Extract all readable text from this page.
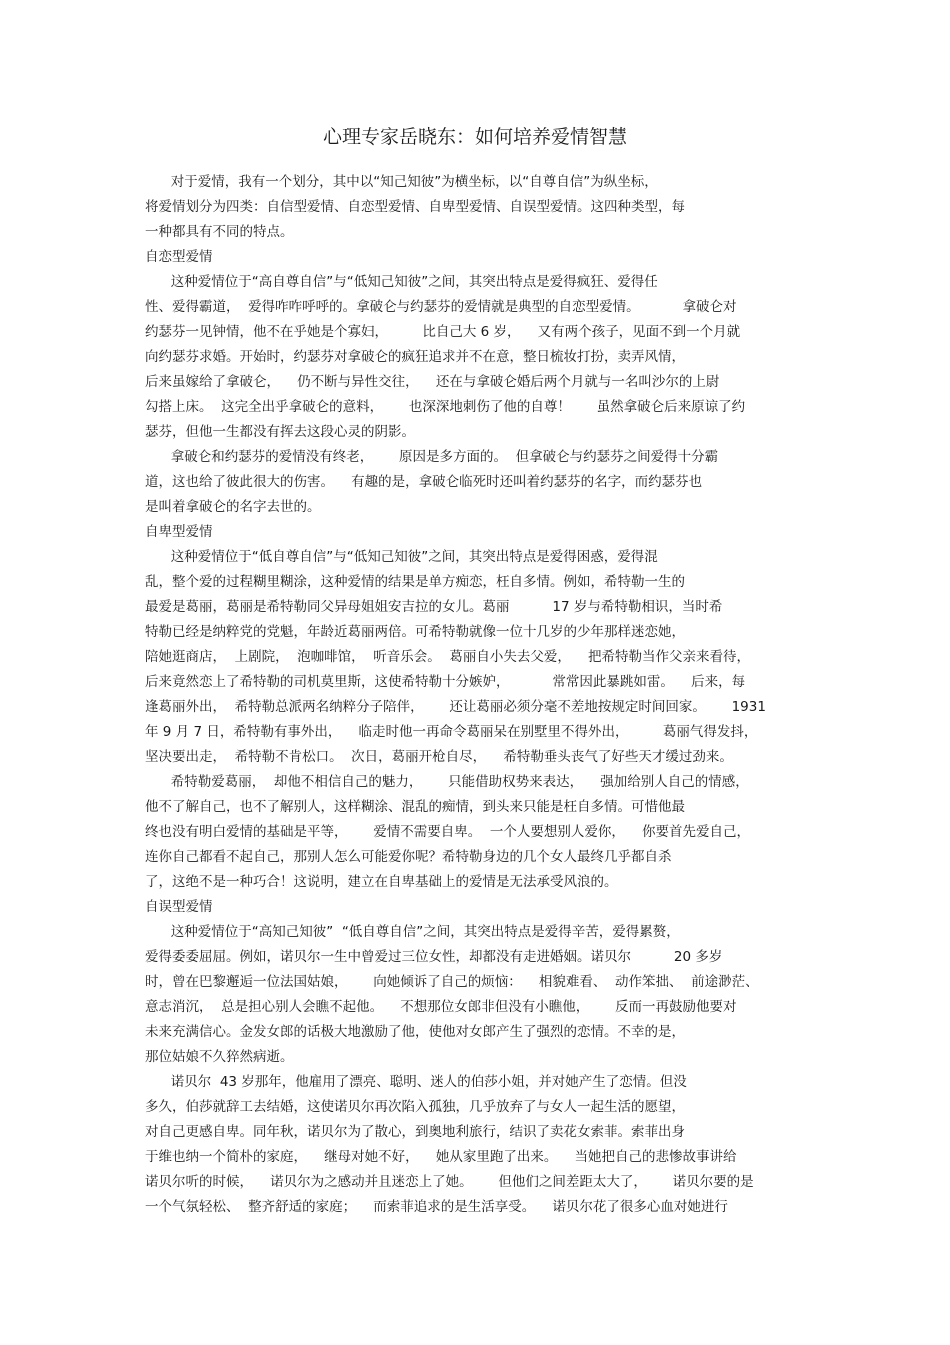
心理专家岳晓东：如何培养爱情智慧
对于爱情，我有一个划分，其中以“知己知彼”为横坐标，以“自尊自信”为纵坐标，
将爱情划分为四类：自信型爱情、自恋型爱情、自卑型爱情、自误型爱情。这四种类型，每
一种都具有不同的特点。
自恋型爱情
这种爱情位于“高自尊自信”与“低知己知彼”之间，其突出特点是爱得疯狂、爱得任
性、爱得霸道，  爱得咋咋呼呼的。拿破仑与约瑟芬的爱情就是典型的自恋型爱情。          拿破仑对
约瑟芬一见钟情，他不在乎她是个寡妇，        比自己大 6 岁，    又有两个孩子，见面不到一个月就
向约瑟芬求婚。开始时，约瑟芬对拿破仑的疯狂追求并不在意，整日梳妆打扮，卖弄风情，
后来虽嫁给了拿破仑，    仍不断与异性交往，    还在与拿破仑婚后两个月就与一名叫沙尔的上尉
勾搭上床。  这完全出乎拿破仑的意料，      也深深地刺伤了他的自尊！      虽然拿破仑后来原谅了约
瑟芬，但他一生都没有挥去这段心灵的阴影。
拿破仑和约瑟芬的爱情没有终老，      原因是多方面的。  但拿破仑与约瑟芬之间爱得十分霸
道，这也给了彼此很大的伤害。    有趣的是，拿破仑临死时还叫着约瑟芬的名字，而约瑟芬也
是叫着拿破仑的名字去世的。
自卑型爱情
这种爱情位于“低自尊自信”与“低知己知彼”之间，其突出特点是爱得困惑，爱得混
乱，整个爱的过程糊里糊涂，这种爱情的结果是单方痴恋，枉自多情。例如，希特勒一生的
最爱是葛丽，葛丽是希特勒同父异母姐姐安吉拉的女儿。葛丽          17 岁与希特勒相识，当时希
特勒已经是纳粹党的党魁，年龄近葛丽两倍。可希特勒就像一位十几岁的少年那样迷恋她，
陪她逛商店，  上剧院，  泡咖啡馆，  听音乐会。  葛丽自小失去父爱，    把希特勒当作父亲来看待，
后来竟然恋上了希特勒的司机莫里斯，这使希特勒十分嫉妒，          常常因此暴跳如雷。    后来，每
逢葛丽外出，  希特勒总派两名纳粹分子陪伴，      还让葛丽必须分毫不差地按规定时间回家。      1931
年 9 月 7 日，希特勒有事外出，    临走时他一再命令葛丽呆在别墅里不得外出，        葛丽气得发抖，
坚决要出走，  希特勒不肯松口。  次日，葛丽开枪自尽，    希特勒垂头丧气了好些天才缓过劲来。
希特勒爱葛丽，  却他不相信自己的魅力，      只能借助权势来表达，    强加给别人自己的情感，
他不了解自己，也不了解别人，这样糊涂、混乱的痴情，到头来只能是枉自多情。可惜他最
终也没有明白爱情的基础是平等，      爱情不需要自卑。  一个人要想别人爱你，    你要首先爱自己，
连你自己都看不起自己，那别人怎么可能爱你呢？希特勒身边的几个女人最终几乎都自杀
了，这绝不是一种巧合！这说明，建立在自卑基础上的爱情是无法承受风浪的。
自误型爱情
这种爱情位于“高知己知彼”  “低自尊自信”之间，其突出特点是爱得辛苦，爱得累赘，
爱得委委屈屈。例如，诺贝尔一生中曾爱过三位女性，却都没有走进婚姻。诺贝尔          20 多岁
时，曾在巴黎邂逅一位法国姑娘，      向她倾诉了自己的烦恼：    相貌难看、  动作笨拙、  前途渺茫、
意志消沉，  总是担心别人会瞧不起他。    不想那位女郎非但没有小瞧他，      反而一再鼓励他要对
未来充满信心。金发女郎的话极大地激励了他，使他对女郎产生了强烈的恋情。不幸的是，
那位姑娘不久猝然病逝。
诺贝尔  43 岁那年，他雇用了漂亮、聪明、迷人的伯莎小姐，并对她产生了恋情。但没
多久，伯莎就辞工去结婚，这使诺贝尔再次陷入孤独，几乎放弃了与女人一起生活的愿望，
对自己更感自卑。同年秋，诺贝尔为了散心，到奥地利旅行，结识了卖花女索菲。索菲出身
于维也纳一个简朴的家庭，    继母对她不好，    她从家里跑了出来。    当她把自己的悲惨故事讲给
诺贝尔听的时候，    诺贝尔为之感动并且迷恋上了她。      但他们之间差距太大了，      诺贝尔要的是
一个气氛轻松、  整齐舒适的家庭；    而索菲追求的是生活享受。    诺贝尔花了很多心血对她进行
